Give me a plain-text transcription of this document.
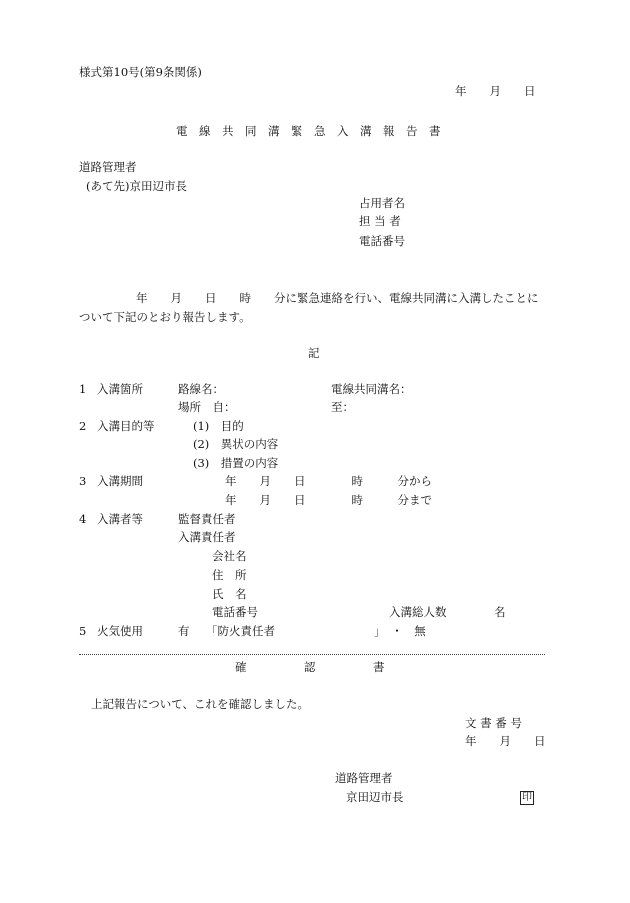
様式第10号(第9条関係)
年　　月　　日
電　線　共　同　溝　緊　急　入　溝　報　告　書
道路管理者
(あて先)京田辺市長
占用者名
担 当 者
電話番号
年　　月　　日　　時　　分に緊急連絡を行い、電線共同溝に入溝したことに
ついて下記のとおり報告します。
記
1 入溝箇所	路線名：	電線共同溝名：
場所　自：	至：
2 入溝目的等	(1)　目的
(2)　異状の内容
(3)　措置の内容
3 入溝期間	年　　月　　日　　　　時　　　分から
年　　月　　日　　　　時　　　分まで
4 入溝者等	監督責任者
入溝責任者
会社名
住　所
氏　名
電話番号	入溝総人数	名
5 火気使用	有 「防火責任者	」　・　無
確　　　　　認　　　　　書
上記報告について、これを確認しました。
文 書 番 号
年　　月　　日
道路管理者
京田辺市長	印
